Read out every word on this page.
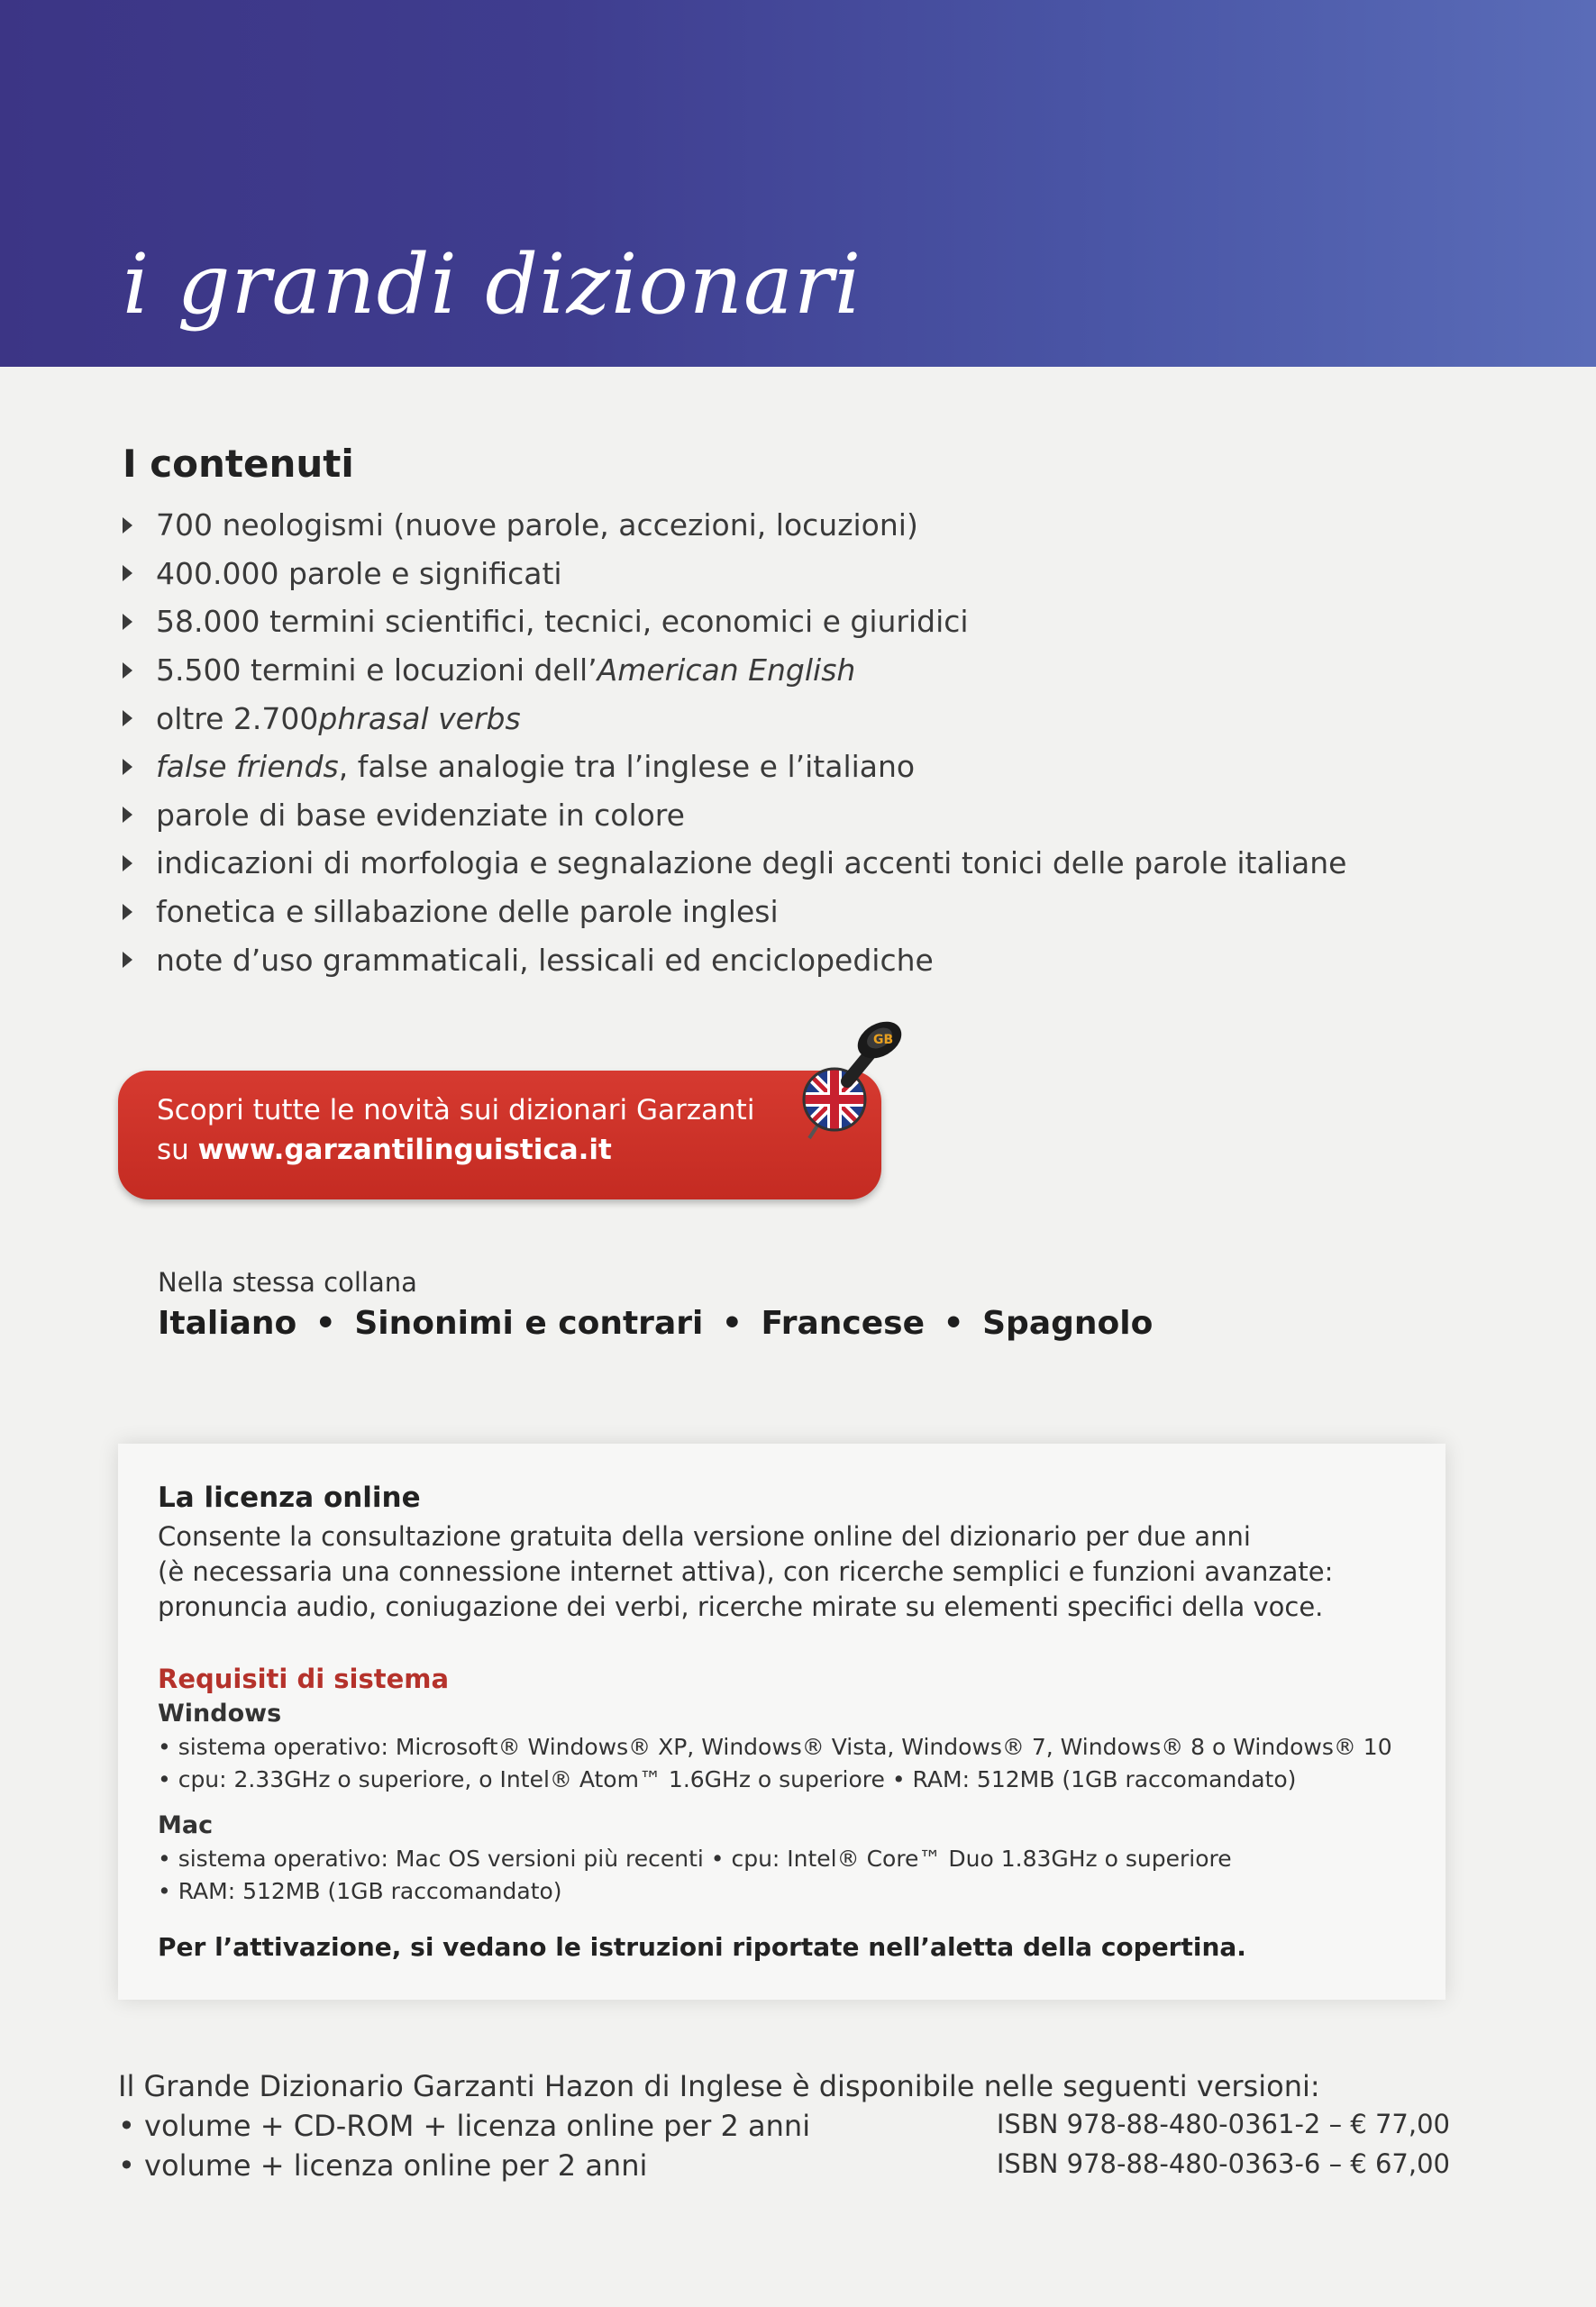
i grandi dizionari
I contenuti
700 neologismi (nuove parole, accezioni, locuzioni)
400.000 parole e significati
58.000 termini scientifici, tecnici, economici e giuridici
5.500 termini e locuzioni dell’ American English
oltre 2.700 phrasal verbs
false friends , false analogie tra l’inglese e l’italiano
parole di base evidenziate in colore
indicazioni di morfologia e segnalazione degli accenti tonici delle parole italiane
fonetica e sillabazione delle parole inglesi
note d’uso grammaticali, lessicali ed enciclopediche
Scopri tutte le novità sui dizionari Garzanti
su www.garzantilinguistica.it
GB
Nella stessa collana
Italiano • Sinonimi e contrari • Francese • Spagnolo
La licenza online
Consente la consultazione gratuita della versione online del dizionario per due anni
(è necessaria una connessione internet attiva), con ricerche semplici e funzioni avanzate:
pronuncia audio, coniugazione dei verbi, ricerche mirate su elementi specifici della voce.
Requisiti di sistema
Windows
• sistema operativo: Microsoft® Windows® XP, Windows® Vista, Windows® 7, Windows® 8 o Windows® 10
• cpu: 2.33GHz o superiore, o Intel® Atom™ 1.6GHz o superiore • RAM: 512MB (1GB raccomandato)
Mac
• sistema operativo: Mac OS versioni più recenti • cpu: Intel® Core™ Duo 1.83GHz o superiore
• RAM: 512MB (1GB raccomandato)
Per l’attivazione, si vedano le istruzioni riportate nell’aletta della copertina.
Il Grande Dizionario Garzanti Hazon di Inglese è disponibile nelle seguenti versioni:
• volume + CD-ROM + licenza online per 2 anni	ISBN 978-88-480-0361-2 – € 77,00
• volume + licenza online per 2 anni	ISBN 978-88-480-0363-6 – € 67,00
